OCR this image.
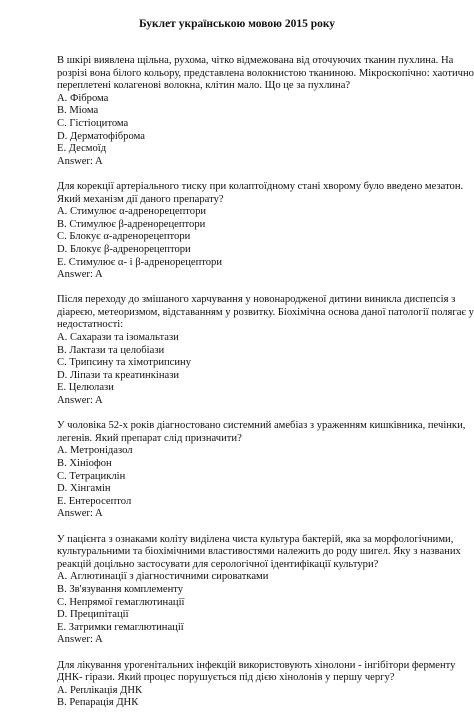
Буклет українською мовою 2015 року
В шкірі виявлена щільна, рухома, чітко відмежована від оточуючих тканин пухлина. На
розрізі вона білого кольору, представлена волокнистою тканиною. Мікроскопічно: хаотично
переплетені колагенові волокна, клітин мало. Що це за пухлина?
A. Фіброма
B. Міома
C. Гістіоцитома
D. Дерматофіброма
E. Десмоїд
Answer: A
Для корекції артеріального тиску при колаптоїдному стані хворому було введено мезатон.
Який механізм дії даного препарату?
A. Стимулює α-адренорецептори
B. Стимулює β-адренорецептори
C. Блокує α-адренорецептори
D. Блокує β-адренорецептори
E. Стимулює α- і β-адренорецептори
Answer: A
Після переходу до змішаного харчування у новонародженої дитини виникла диспепсія з
діареєю, метеоризмом, відставанням у розвитку. Біохімічна основа даної патології полягає у
недостатності:
A. Сахарази та ізомальтази
B. Лактази та целобіази
C. Трипсину та хімотрипсину
D. Ліпази та креатинкінази
E. Целюлази
Answer: A
У чоловіка 52-х років діагностовано системний амебіаз з ураженням кишківника, печінки,
легенів. Який препарат слід призначити?
A. Метронідазол
B. Хініофон
C. Тетрациклін
D. Хінгамін
E. Ентеросептол
Answer: A
У пацієнта з ознаками коліту виділена чиста культура бактерій, яка за морфологічними,
культуральними та біохімічними властивостями належить до роду шигел. Яку з названих
реакцій доцільно застосувати для серологічної ідентифікації культури?
A. Аглютинації з діагностичними сироватками
B. Зв'язування комплементу
C. Непрямої гемаглютинації
D. Преципітації
E. Затримки гемаглютинації
Answer: A
Для лікування урогенітальних інфекцій використовують хінолони - інгібітори ферменту
ДНК- гірази. Який процес порушується під дією хінолонів у першу чергу?
A. Реплікація ДНК
B. Репарація ДНК
